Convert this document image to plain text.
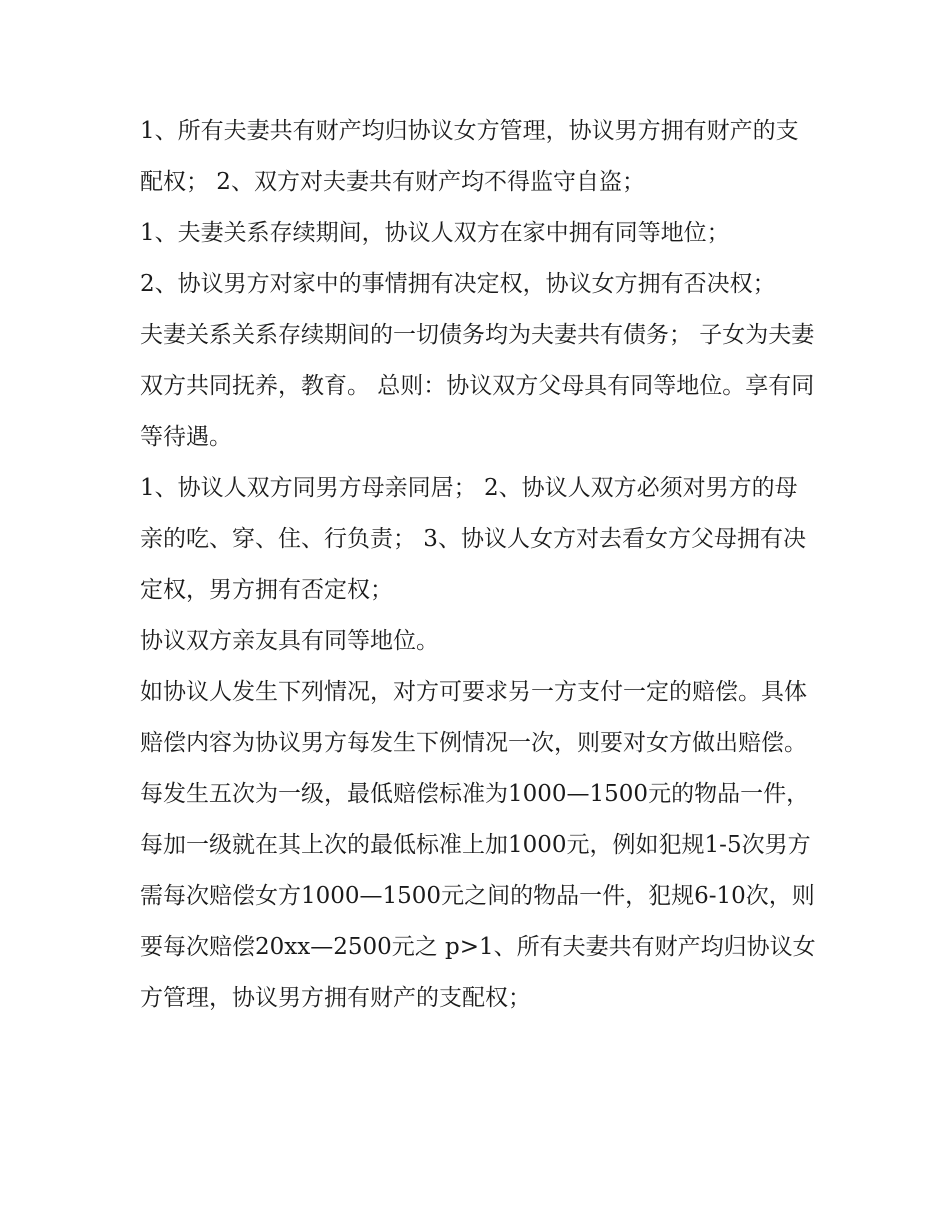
1、所有夫妻共有财产均归协议女方管理，协议男方拥有财产的支配权； 2、双方对夫妻共有财产均不得监守自盗；

1、夫妻关系存续期间，协议人双方在家中拥有同等地位；

2、协议男方对家中的事情拥有决定权，协议女方拥有否决权；

夫妻关系关系存续期间的一切债务均为夫妻共有债务； 子女为夫妻双方共同抚养，教育。 总则：协议双方父母具有同等地位。享有同等待遇。

1、协议人双方同男方母亲同居； 2、协议人双方必须对男方的母亲的吃、穿、住、行负责； 3、协议人女方对去看女方父母拥有决定权，男方拥有否定权；

协议双方亲友具有同等地位。

如协议人发生下列情况，对方可要求另一方支付一定的赔偿。具体赔偿内容为协议男方每发生下例情况一次，则要对女方做出赔偿。每发生五次为一级，最低赔偿标准为1000—1500元的物品一件，每加一级就在其上次的最低标准上加1000元，例如犯规1-5次男方需每次赔偿女方1000—1500元之间的物品一件，犯规6-10次，则要每次赔偿20xx—2500元之 p>1、所有夫妻共有财产均归协议女方管理，协议男方拥有财产的支配权；
